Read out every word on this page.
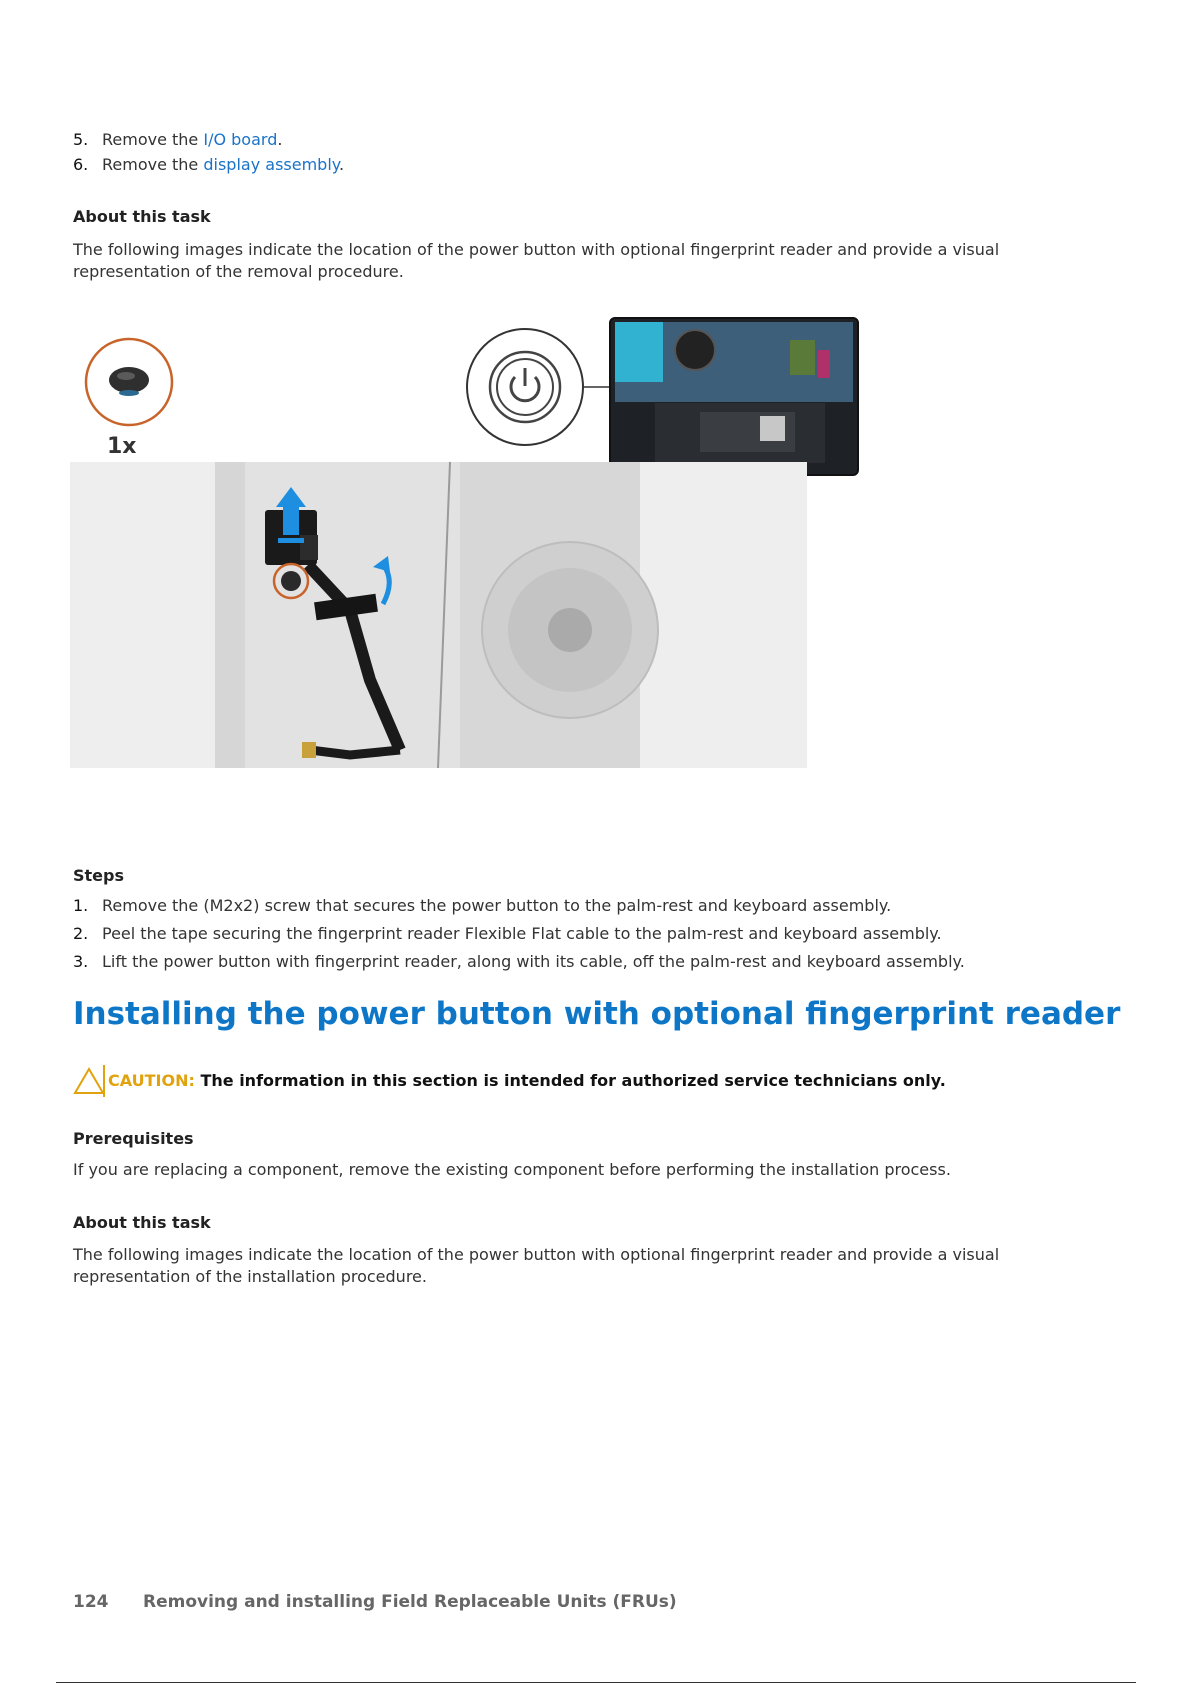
5. Remove the I/O board.
6. Remove the display assembly.
About this task
The following images indicate the location of the power button with optional fingerprint reader and provide a visual
representation of the removal procedure.
1x
Steps
1. Remove the (M2x2) screw that secures the power button to the palm-rest and keyboard assembly.
2. Peel the tape securing the fingerprint reader Flexible Flat cable to the palm-rest and keyboard assembly.
3. Lift the power button with fingerprint reader, along with its cable, off the palm-rest and keyboard assembly.
Installing the power button with optional fingerprint reader
CAUTION: The information in this section is intended for authorized service technicians only.
Prerequisites
If you are replacing a component, remove the existing component before performing the installation process.
About this task
The following images indicate the location of the power button with optional fingerprint reader and provide a visual
representation of the installation procedure.
124 Removing and installing Field Replaceable Units (FRUs)
